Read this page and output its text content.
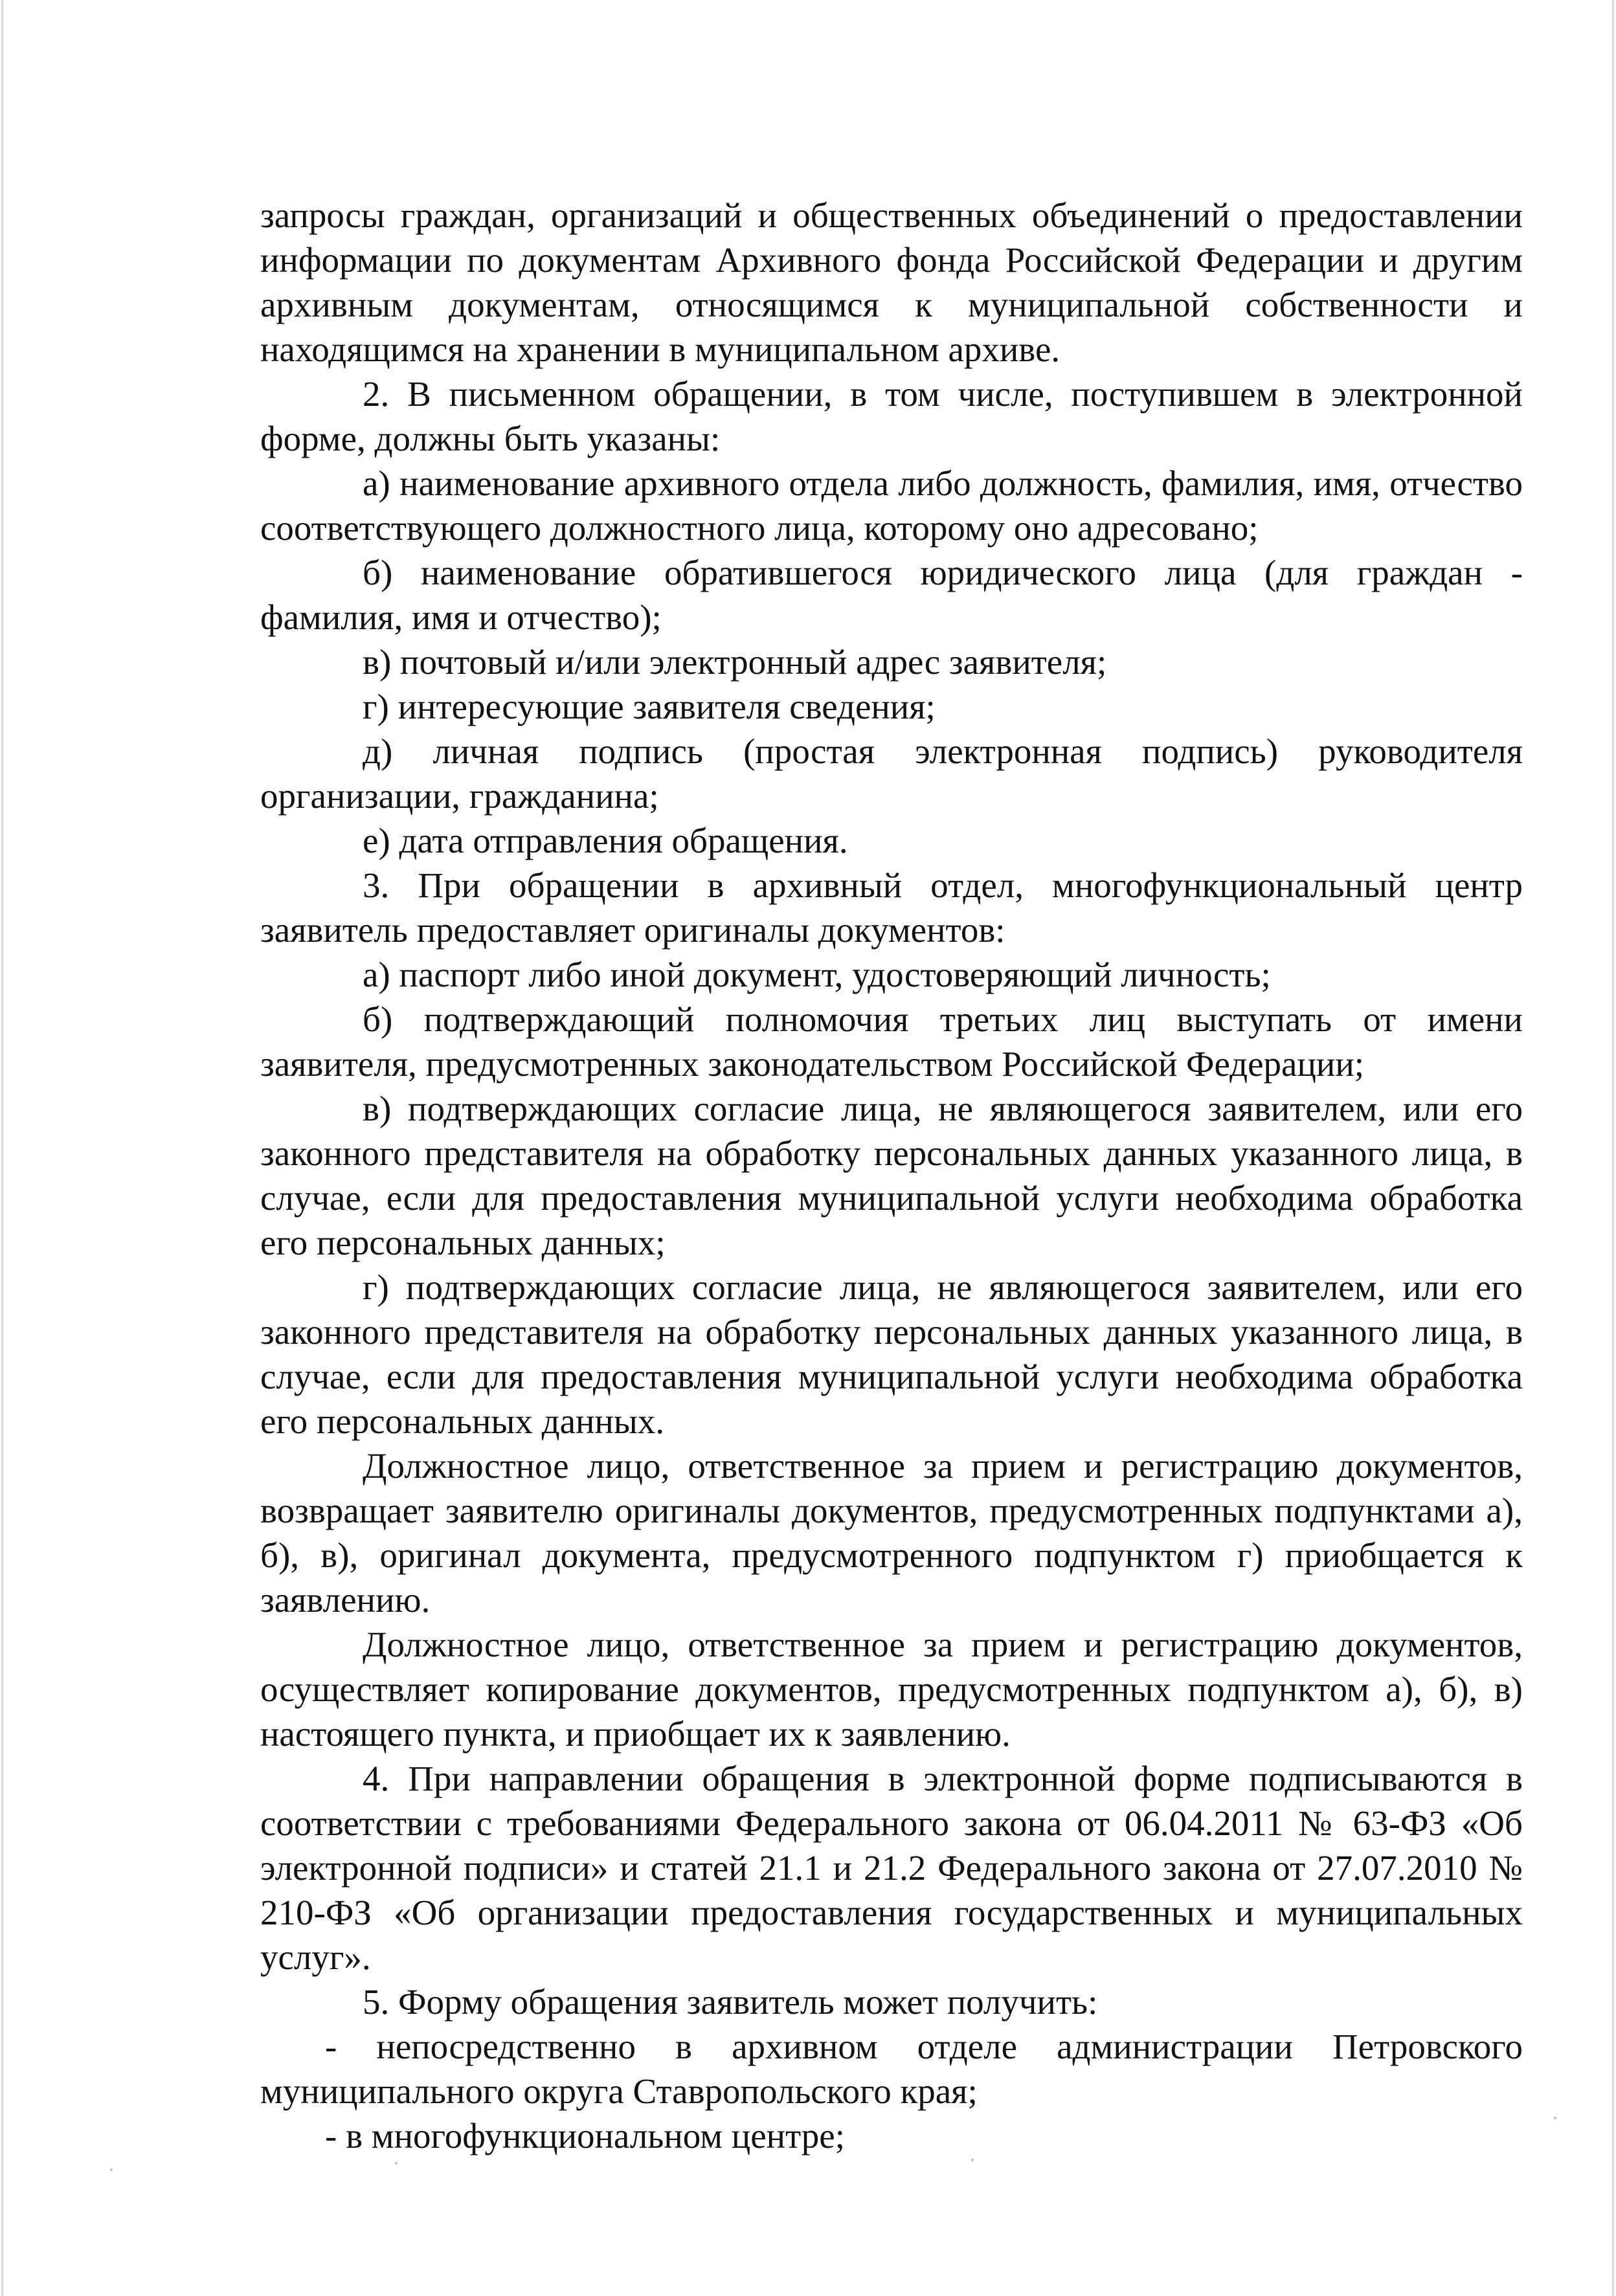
запросы граждан, организаций и общественных объединений о предоставлении информации по документам Архивного фонда Российской Федерации и другим архивным документам, относящимся к муниципальной собственности и находящимся на хранении в муниципальном архиве.

2. В письменном обращении, в том числе, поступившем в электронной форме, должны быть указаны:

а) наименование архивного отдела либо должность, фамилия, имя, отчество соответствующего должностного лица, которому оно адресовано;

б) наименование обратившегося юридического лица (для граждан - фамилия, имя и отчество);

в) почтовый и/или электронный адрес заявителя;

г) интересующие заявителя сведения;

д) личная подпись (простая электронная подпись) руководителя организации, гражданина;

е) дата отправления обращения.

3. При обращении в архивный отдел, многофункциональный центр заявитель предоставляет оригиналы документов:

а) паспорт либо иной документ, удостоверяющий личность;

б) подтверждающий полномочия третьих лиц выступать от имени заявителя, предусмотренных законодательством Российской Федерации;

в) подтверждающих согласие лица, не являющегося заявителем, или его законного представителя на обработку персональных данных указанного лица, в случае, если для предоставления муниципальной услуги необходима обработка его персональных данных;

г) подтверждающих согласие лица, не являющегося заявителем, или его законного представителя на обработку персональных данных указанного лица, в случае, если для предоставления муниципальной услуги необходима обработка его персональных данных.

Должностное лицо, ответственное за прием и регистрацию документов, возвращает заявителю оригиналы документов, предусмотренных подпунктами а), б), в), оригинал документа, предусмотренного подпунктом г) приобщается к заявлению.

Должностное лицо, ответственное за прием и регистрацию документов, осуществляет копирование документов, предусмотренных подпунктом а), б), в) настоящего пункта, и приобщает их к заявлению.

4. При направлении обращения в электронной форме подписываются в соответствии с требованиями Федерального закона от 06.04.2011 № 63-ФЗ «Об электронной подписи» и статей 21.1 и 21.2 Федерального закона от 27.07.2010 № 210-ФЗ «Об организации предоставления государственных и муниципальных услуг».

5. Форму обращения заявитель может получить:

- непосредственно в архивном отделе администрации Петровского муниципального округа Ставропольского края;

- в многофункциональном центре;
